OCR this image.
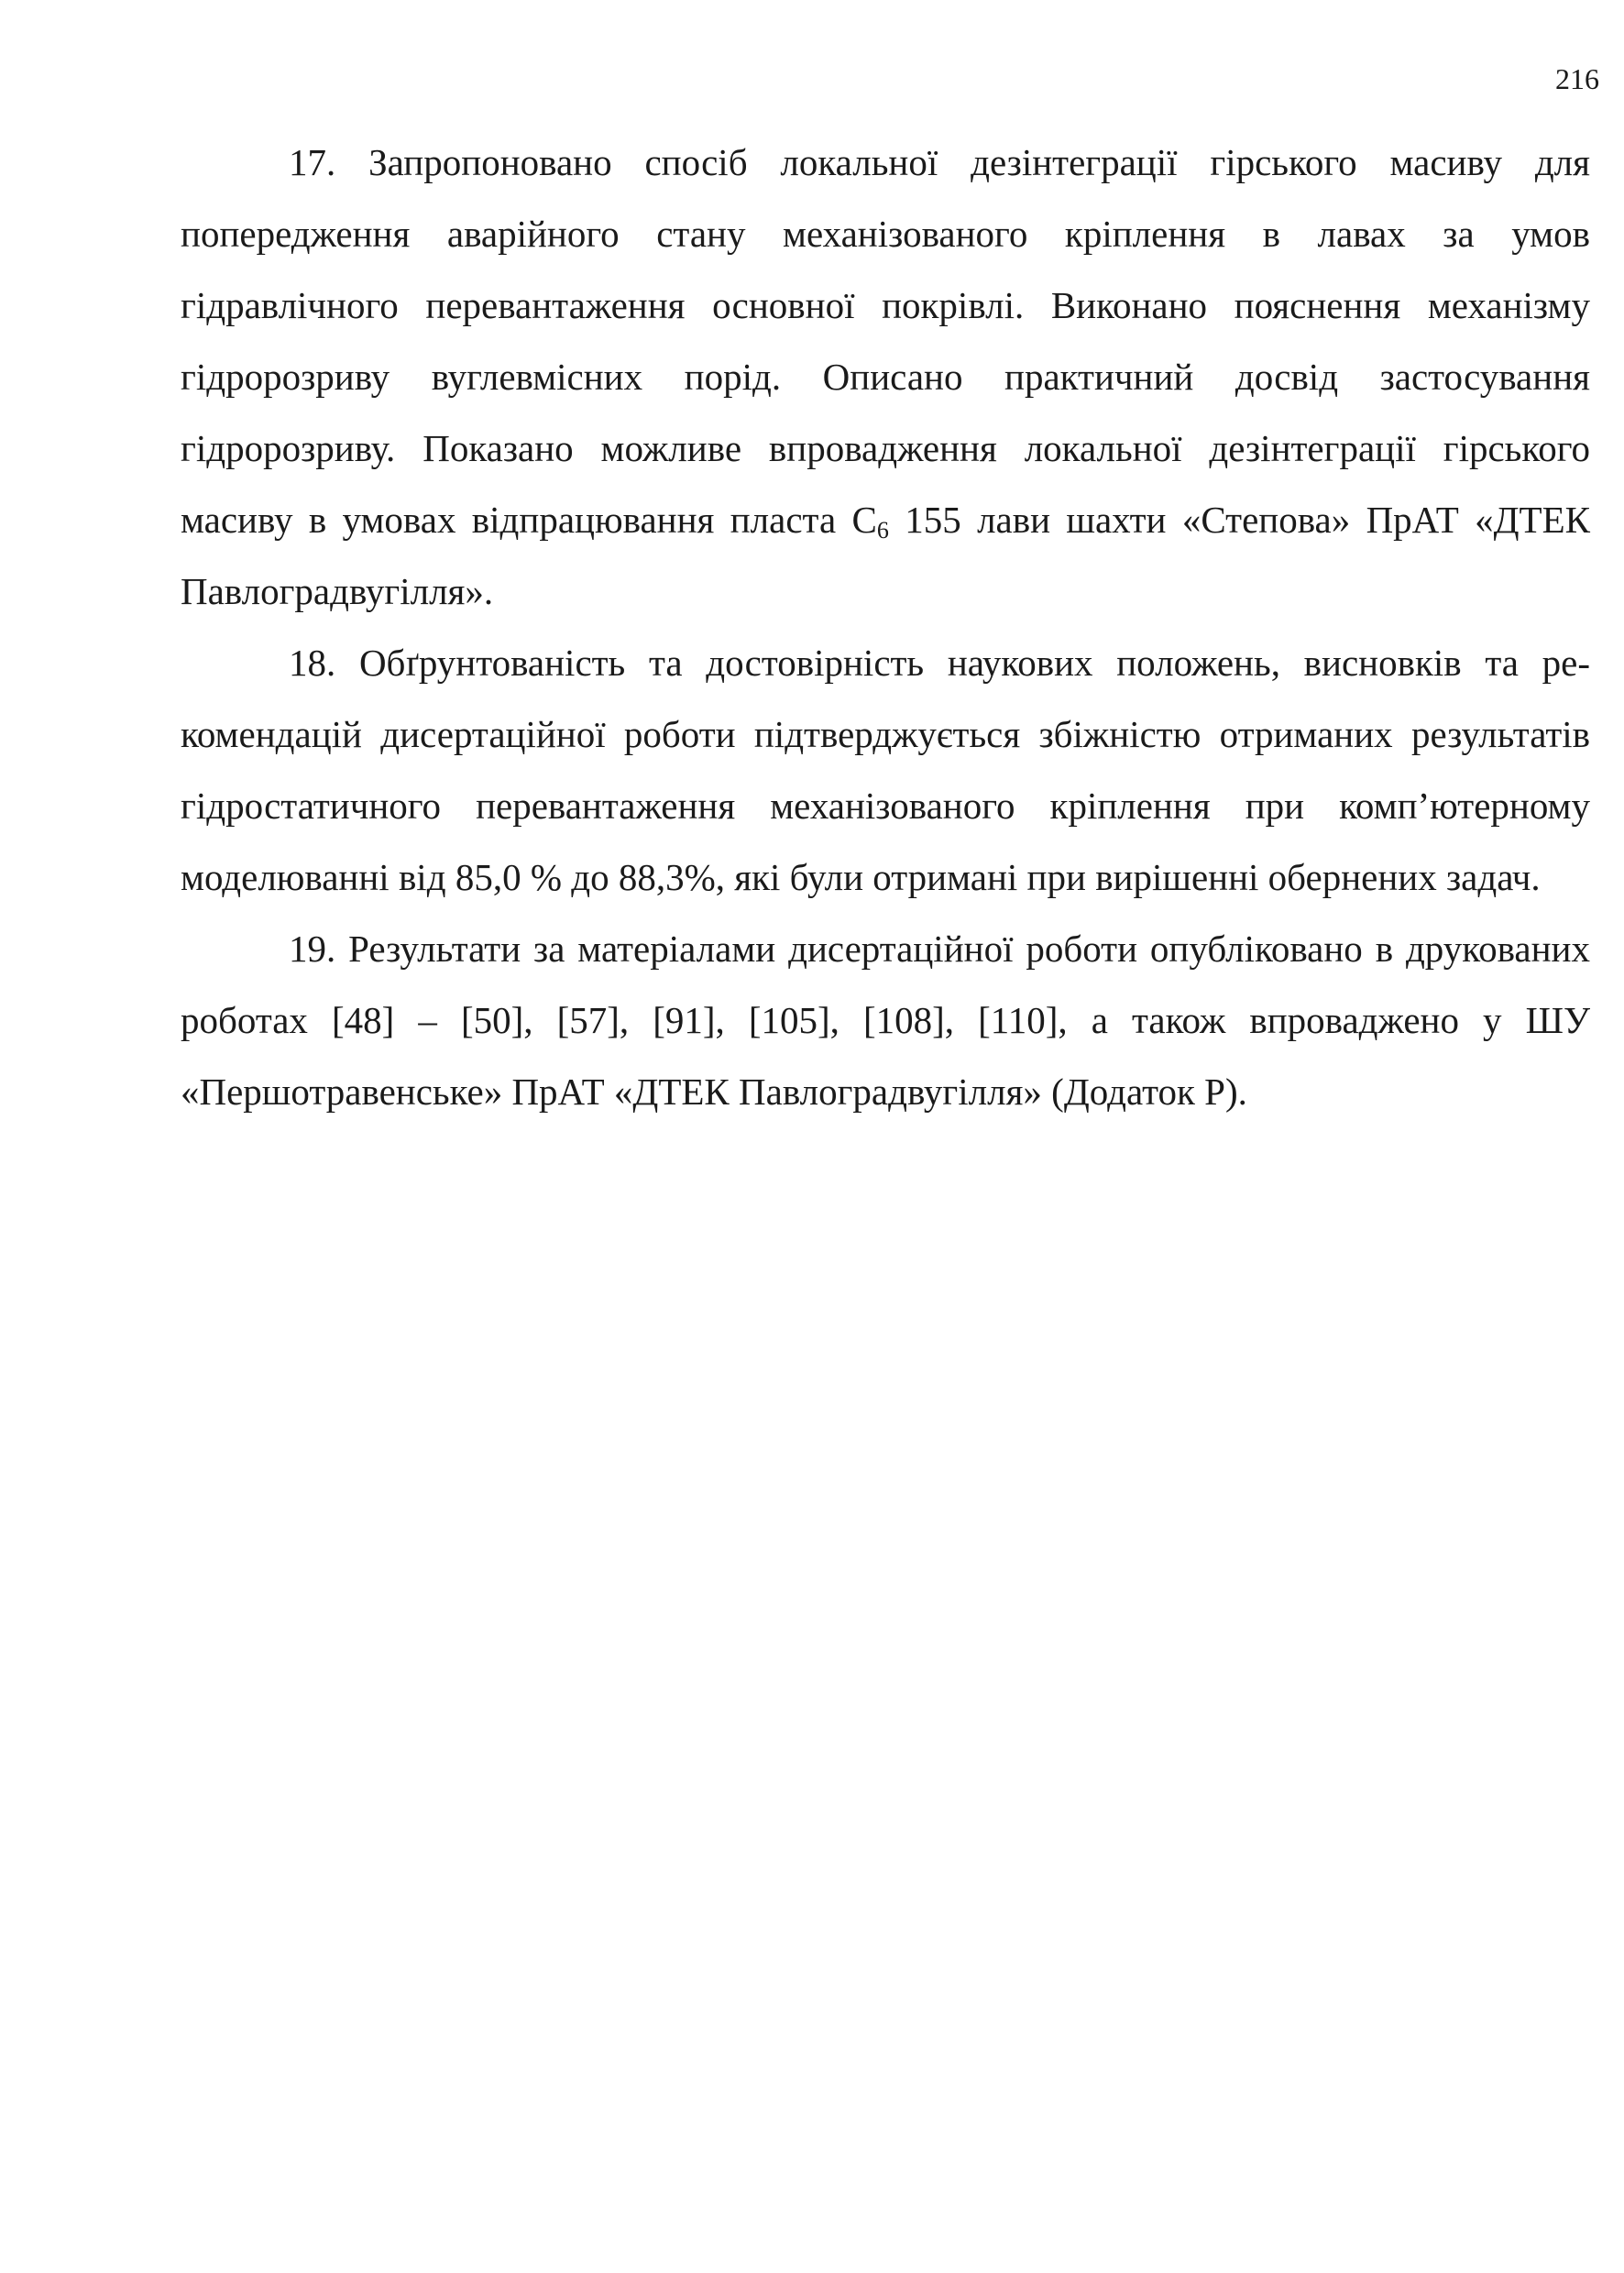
216

17. Запропоновано спосіб локальної дезінтеграції гірського масиву для попередження аварійного стану механізованого кріплення в лавах за умов гідравлічного перевантаження основної покрівлі. Виконано пояснення механізму гідророзриву вуглевмісних порід. Описано практичний досвід застосування гідророзриву. Показано можливе впровадження локальної дезінтеграції гірського масиву в умовах відпрацювання пласта $С_6$ 155 лави шахти «Степова» ПрАТ «ДТЕК Павлоградвугілля».

18. Обґрунтованість та достовірність наукових положень, висновків та рекомендацій дисертаційної роботи підтверджується збіжністю отриманих результатів гідростатичного перевантаження механізованого кріплення при комп’ютерному моделюванні від 85,0 % до 88,3%, які були отримані при вирішенні обернених задач.

19. Результати за матеріалами дисертаційної роботи опубліковано в друкованих роботах [48] – [50], [57], [91], [105], [108], [110], а також впроваджено у ШУ «Першотравенське» ПрАТ «ДТЕК Павлоградвугілля» (Додаток Р).
